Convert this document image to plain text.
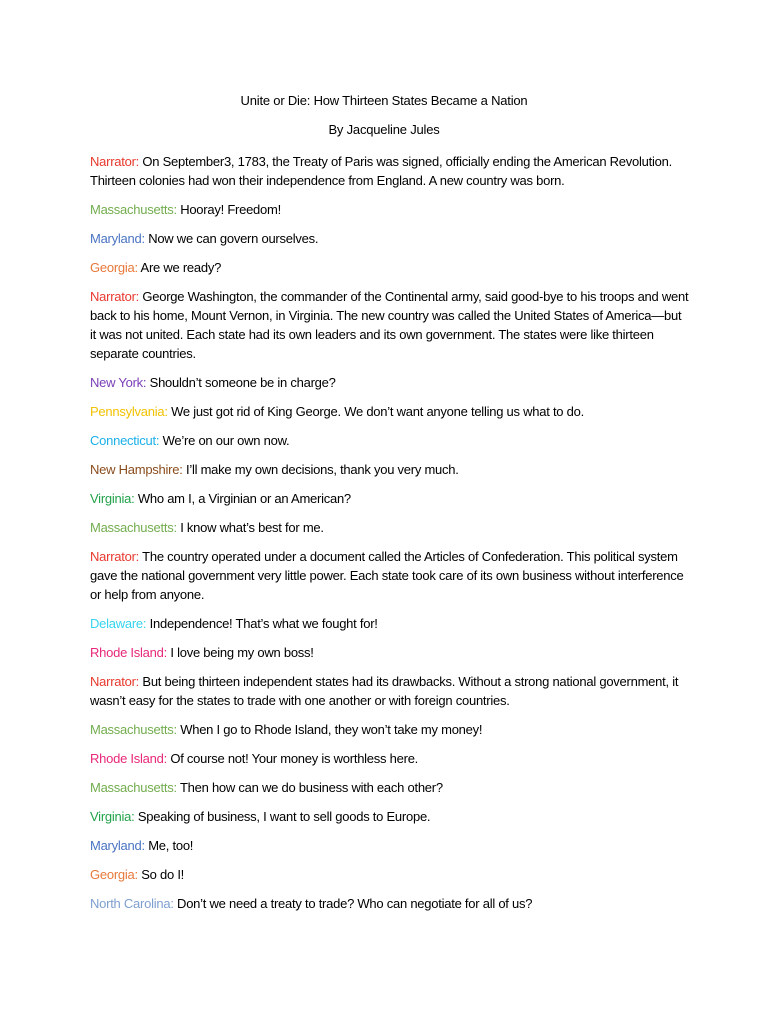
Unite or Die: How Thirteen States Became a Nation
By Jacqueline Jules
Narrator: On September3, 1783, the Treaty of Paris was signed, officially ending the American Revolution. Thirteen colonies had won their independence from England. A new country was born.
Massachusetts: Hooray! Freedom!
Maryland: Now we can govern ourselves.
Georgia: Are we ready?
Narrator: George Washington, the commander of the Continental army, said good-bye to his troops and went back to his home, Mount Vernon, in Virginia. The new country was called the United States of America—but it was not united. Each state had its own leaders and its own government. The states were like thirteen separate countries.
New York: Shouldn’t someone be in charge?
Pennsylvania: We just got rid of King George. We don’t want anyone telling us what to do.
Connecticut: We’re on our own now.
New Hampshire: I’ll make my own decisions, thank you very much.
Virginia: Who am I, a Virginian or an American?
Massachusetts: I know what’s best for me.
Narrator: The country operated under a document called the Articles of Confederation. This political system gave the national government very little power. Each state took care of its own business without interference or help from anyone.
Delaware: Independence! That’s what we fought for!
Rhode Island: I love being my own boss!
Narrator: But being thirteen independent states had its drawbacks. Without a strong national government, it wasn’t easy for the states to trade with one another or with foreign countries.
Massachusetts: When I go to Rhode Island, they won’t take my money!
Rhode Island: Of course not! Your money is worthless here.
Massachusetts: Then how can we do business with each other?
Virginia: Speaking of business, I want to sell goods to Europe.
Maryland: Me, too!
Georgia: So do I!
North Carolina: Don’t we need a treaty to trade? Who can negotiate for all of us?
